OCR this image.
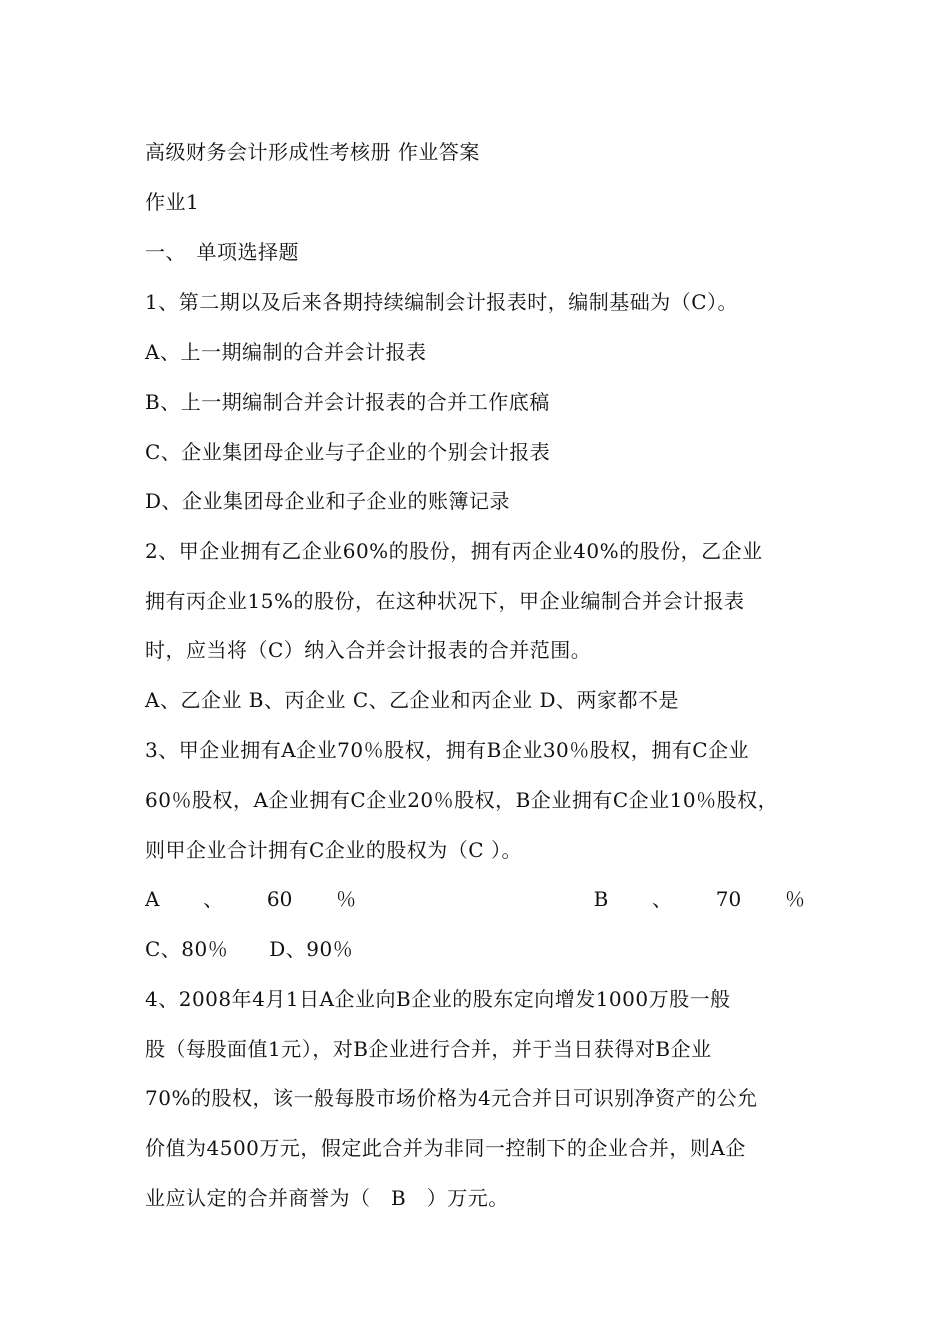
高级财务会计形成性考核册 作业答案
作业1
一、　单项选择题
1、第二期以及后来各期持续编制会计报表时，编制基础为（C）。
A、上一期编制的合并会计报表
B、上一期编制合并会计报表的合并工作底稿
C、企业集团母企业与子企业的个别会计报表
D、企业集团母企业和子企业的账簿记录
2、甲企业拥有乙企业60%的股份，拥有丙企业40%的股份，乙企业
拥有丙企业15%的股份，在这种状况下，甲企业编制合并会计报表
时，应当将（C）纳入合并会计报表的合并范围。
A、乙企业 B、丙企业 C、乙企业和丙企业 D、两家都不是
3、甲企业拥有A企业70％股权，拥有B企业30％股权，拥有C企业
60％股权，A企业拥有C企业20％股权，B企业拥有C企业10％股权，
则甲企业合计拥有C企业的股权为（C ）。
A 、 60 ％	B 、 70 ％
C、80％　　D、90％
4、2008年4月1日A企业向B企业的股东定向增发1000万股一般
股（每股面值1元），对B企业进行合并，并于当日获得对B企业
70%的股权，该一般每股市场价格为4元合并日可识别净资产的公允
价值为4500万元，假定此合并为非同一控制下的企业合并，则A企
业应认定的合并商誉为（　B　）万元。
